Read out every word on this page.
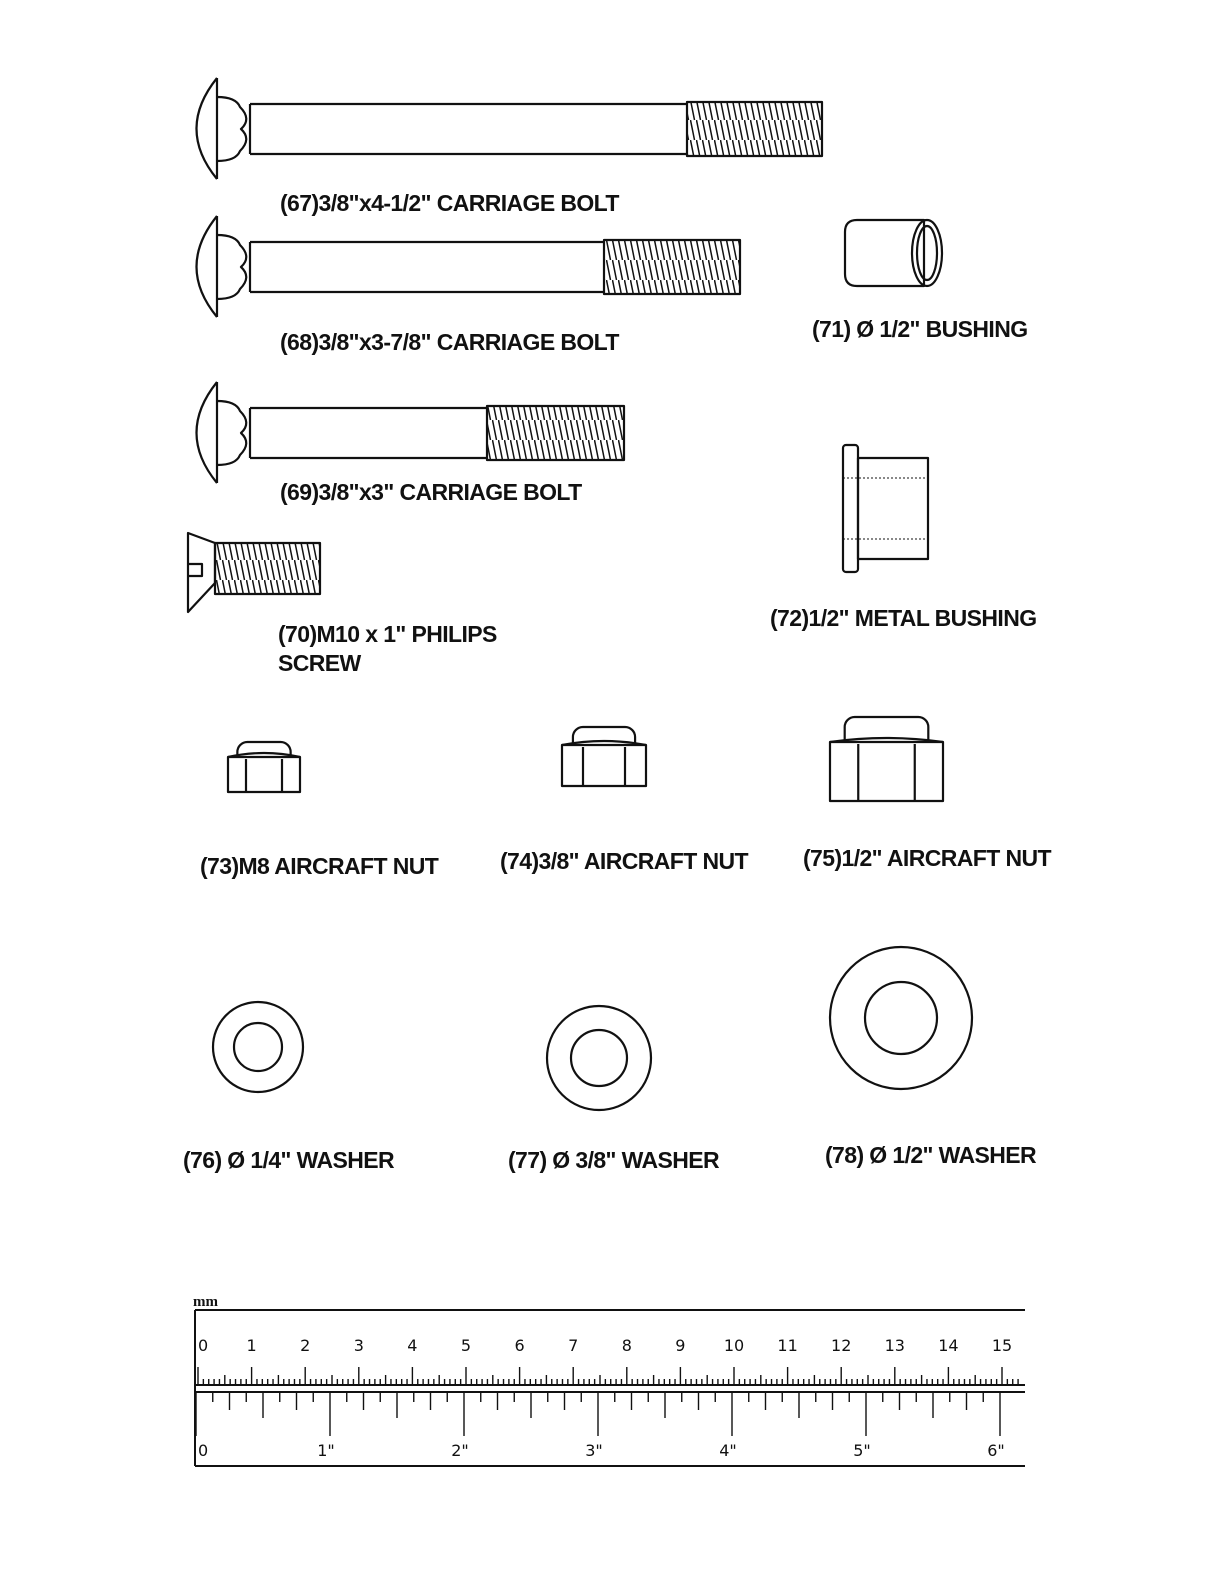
mm
0 1	2	3	4	5	6	7	8	9 10 11 12 13 14 15
0	1"	2"	3"	4"	5"	6"
(67)3/8"x4-1/2" CARRIAGE BOLT
(68)3/8"x3-7/8" CARRIAGE BOLT
(69)3/8"x3" CARRIAGE BOLT
(70)M10 x 1" PHILIPS
SCREW
(71) Ø 1/2" BUSHING
(72)1/2" METAL BUSHING
(73)M8 AIRCRAFT NUT	(74)3/8" AIRCRAFT NUT (75)1/2" AIRCRAFT NUT
(76) Ø 1/4" WASHER	(77) Ø 3/8" WASHER	(78) Ø 1/2" WASHER
